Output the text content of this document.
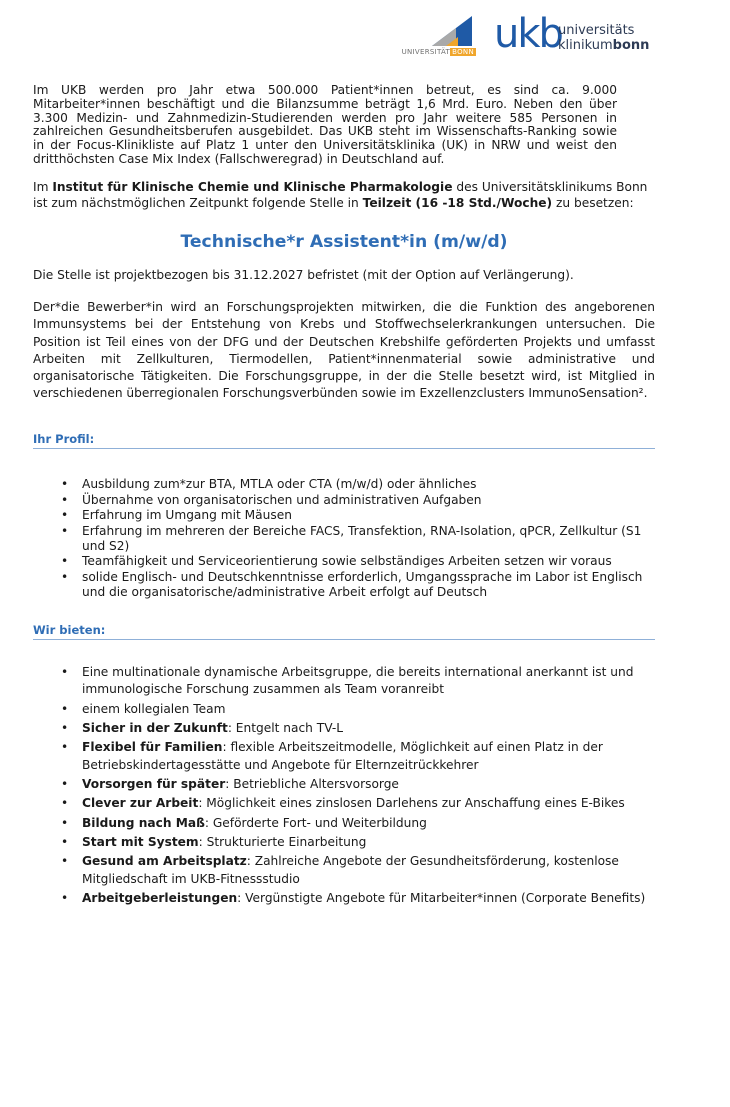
UNIVERSITÄT BONN ukb
universitäts
klinikumbonn

Im UKB werden pro Jahr etwa 500.000 Patient*innen betreut, es sind ca. 9.000 Mitarbeiter*innen beschäftigt und die Bilanzsumme beträgt 1,6 Mrd. Euro. Neben den über 3.300 Medizin- und Zahnmedizin-Studierenden werden pro Jahr weitere 585 Personen in zahlreichen Gesundheitsberufen ausgebildet. Das UKB steht im Wissenschafts-Ranking sowie in der Focus-Klinikliste auf Platz 1 unter den Universitätsklinika (UK) in NRW und weist den dritthöchsten Case Mix Index (Fallschweregrad) in Deutschland auf.

Im Institut für Klinische Chemie und Klinische Pharmakologie des Universitätsklinikums Bonn ist zum nächstmöglichen Zeitpunkt folgende Stelle in Teilzeit (16 -18 Std./Woche) zu besetzen:

Technische*r Assistent*in (m/w/d)

Die Stelle ist projektbezogen bis 31.12.2027 befristet (mit der Option auf Verlängerung).

Der*die Bewerber*in wird an Forschungsprojekten mitwirken, die die Funktion des angeborenen Immunsystems bei der Entstehung von Krebs und Stoffwechselerkrankungen untersuchen. Die Position ist Teil eines von der DFG und der Deutschen Krebshilfe geförderten Projekts und umfasst Arbeiten mit Zellkulturen, Tiermodellen, Patient*innenmaterial sowie administrative und organisatorische Tätigkeiten. Die Forschungsgruppe, in der die Stelle besetzt wird, ist Mitglied in verschiedenen überregionalen Forschungsverbünden sowie im Exzellenzclusters ImmunoSensation².

Ihr Profil:
• Ausbildung zum*zur BTA, MTLA oder CTA (m/w/d) oder ähnliches
• Übernahme von organisatorischen und administrativen Aufgaben
• Erfahrung im Umgang mit Mäusen
• Erfahrung im mehreren der Bereiche FACS, Transfektion, RNA-Isolation, qPCR, Zellkultur (S1 und S2)
• Teamfähigkeit und Serviceorientierung sowie selbständiges Arbeiten setzen wir voraus
• solide Englisch- und Deutschkenntnisse erforderlich, Umgangssprache im Labor ist Englisch und die organisatorische/administrative Arbeit erfolgt auf Deutsch
Wir bieten:
• Eine multinationale dynamische Arbeitsgruppe, die bereits international anerkannt ist und immunologische Forschung zusammen als Team voranreibt
• einem kollegialen Team
• Sicher in der Zukunft: Entgelt nach TV-L
• Flexibel für Familien: flexible Arbeitszeitmodelle, Möglichkeit auf einen Platz in der Betriebskindertagesstätte und Angebote für Elternzeitrückkehrer
• Vorsorgen für später: Betriebliche Altersvorsorge
• Clever zur Arbeit: Möglichkeit eines zinslosen Darlehens zur Anschaffung eines E-Bikes
• Bildung nach Maß: Geförderte Fort- und Weiterbildung
• Start mit System: Strukturierte Einarbeitung
• Gesund am Arbeitsplatz: Zahlreiche Angebote der Gesundheitsförderung, kostenlose Mitgliedschaft im UKB-Fitnessstudio
• Arbeitgeberleistungen: Vergünstigte Angebote für Mitarbeiter*innen (Corporate Benefits)
